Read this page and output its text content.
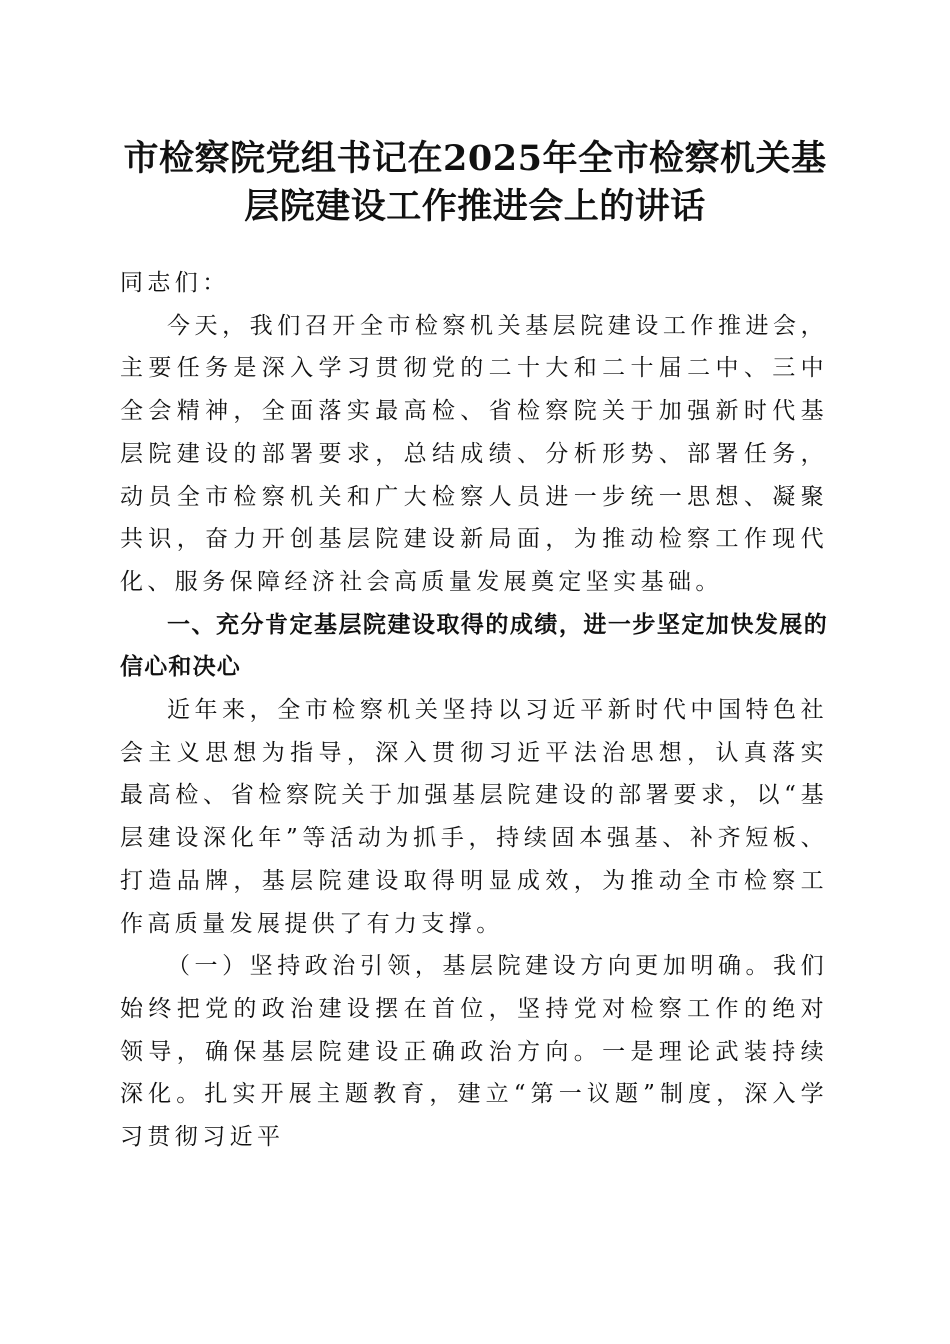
市检察院党组书记在2025年全市检察机关基
层院建设工作推进会上的讲话

同志们：

今天，我们召开全市检察机关基层院建设工作推进会，主要任务是深入学习贯彻党的二十大和二十届二中、三中全会精神，全面落实最高检、省检察院关于加强新时代基层院建设的部署要求，总结成绩、分析形势、部署任务，动员全市检察机关和广大检察人员进一步统一思想、凝聚共识，奋力开创基层院建设新局面，为推动检察工作现代化、服务保障经济社会高质量发展奠定坚实基础。

一、充分肯定基层院建设取得的成绩，进一步坚定加快发展的信心和决心

近年来，全市检察机关坚持以习近平新时代中国特色社会主义思想为指导，深入贯彻习近平法治思想，认真落实最高检、省检察院关于加强基层院建设的部署要求，以“基层建设深化年”等活动为抓手，持续固本强基、补齐短板、打造品牌，基层院建设取得明显成效，为推动全市检察工作高质量发展提供了有力支撑。

（一）坚持政治引领，基层院建设方向更加明确。我们始终把党的政治建设摆在首位，坚持党对检察工作的绝对领导，确保基层院建设正确政治方向。一是理论武装持续深化。扎实开展主题教育，建立“第一议题”制度，深入学习贯彻习近平
